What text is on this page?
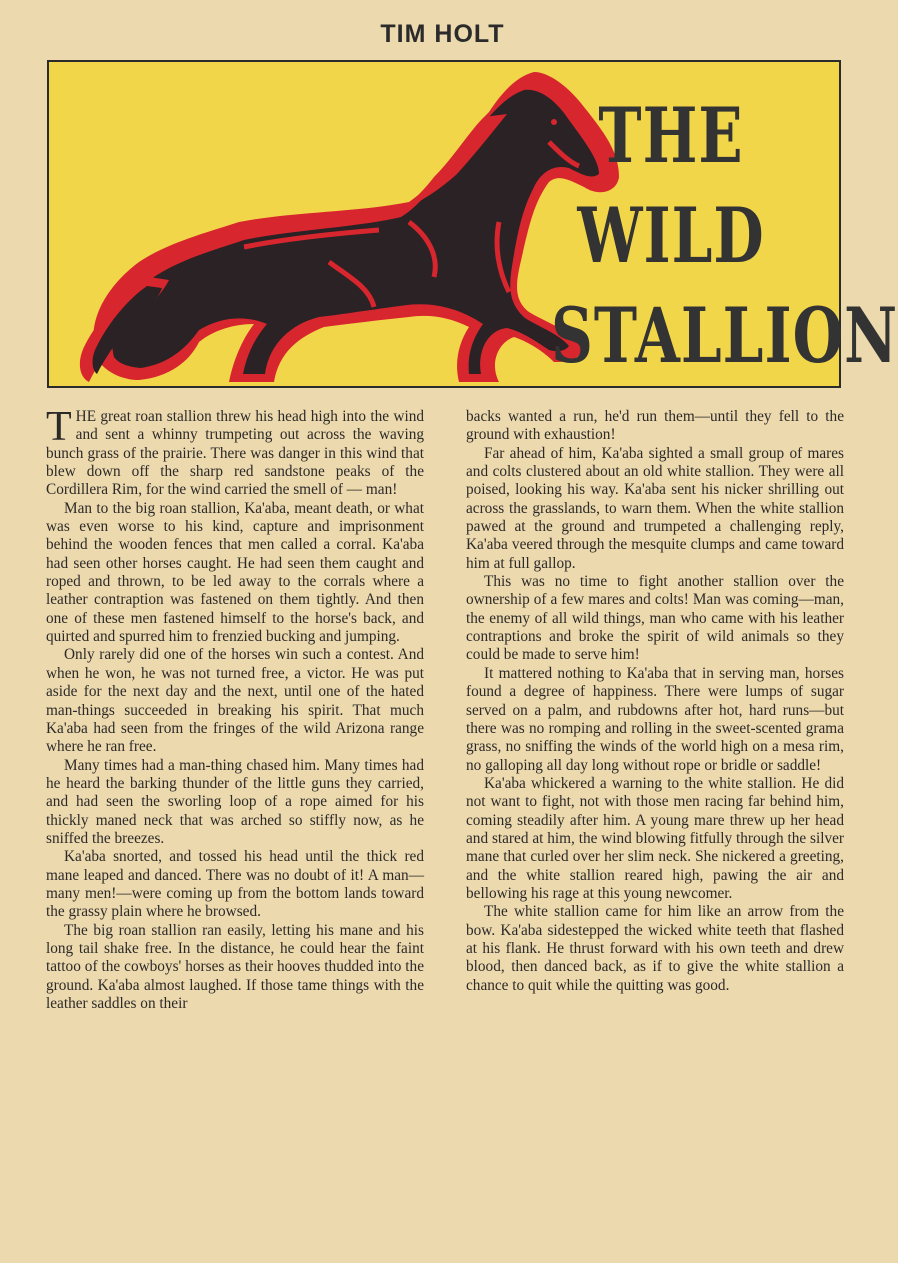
TIM HOLT
THE
WILD
STALLION

THE great roan stallion threw his head high into the wind and sent a whinny trumpeting out across the waving bunch grass of the prairie. There was danger in this wind that blew down off the sharp red sandstone peaks of the Cordillera Rim, for the wind carried the smell of — man!

Man to the big roan stallion, Ka'aba, meant death, or what was even worse to his kind, capture and imprisonment behind the wooden fences that men called a corral. Ka'aba had seen other horses caught. He had seen them caught and roped and thrown, to be led away to the corrals where a leather contraption was fastened on them tightly. And then one of these men fastened himself to the horse's back, and quirted and spurred him to frenzied bucking and jumping.

Only rarely did one of the horses win such a contest. And when he won, he was not turned free, a victor. He was put aside for the next day and the next, until one of the hated man-things succeeded in breaking his spirit. That much Ka'aba had seen from the fringes of the wild Arizona range where he ran free.

Many times had a man-thing chased him. Many times had he heard the barking thunder of the little guns they carried, and had seen the sworling loop of a rope aimed for his thickly maned neck that was arched so stiffly now, as he sniffed the breezes.

Ka'aba snorted, and tossed his head until the thick red mane leaped and danced. There was no doubt of it! A man—many men!—were coming up from the bottom lands toward the grassy plain where he browsed.

The big roan stallion ran easily, letting his mane and his long tail shake free. In the distance, he could hear the faint tattoo of the cowboys' horses as their hooves thudded into the ground. Ka'aba almost laughed. If those tame things with the leather saddles on their

backs wanted a run, he'd run them—until they fell to the ground with exhaustion!

Far ahead of him, Ka'aba sighted a small group of mares and colts clustered about an old white stallion. They were all poised, looking his way. Ka'aba sent his nicker shrilling out across the grasslands, to warn them. When the white stallion pawed at the ground and trumpeted a challenging reply, Ka'aba veered through the mesquite clumps and came toward him at full gallop.

This was no time to fight another stallion over the ownership of a few mares and colts! Man was coming—man, the enemy of all wild things, man who came with his leather contraptions and broke the spirit of wild animals so they could be made to serve him!

It mattered nothing to Ka'aba that in serving man, horses found a degree of happiness. There were lumps of sugar served on a palm, and rubdowns after hot, hard runs—but there was no romping and rolling in the sweet-scented grama grass, no sniffing the winds of the world high on a mesa rim, no galloping all day long without rope or bridle or saddle!

Ka'aba whickered a warning to the white stallion. He did not want to fight, not with those men racing far behind him, coming steadily after him. A young mare threw up her head and stared at him, the wind blowing fitfully through the silver mane that curled over her slim neck. She nickered a greeting, and the white stallion reared high, pawing the air and bellowing his rage at this young newcomer.

The white stallion came for him like an arrow from the bow. Ka'aba sidestepped the wicked white teeth that flashed at his flank. He thrust forward with his own teeth and drew blood, then danced back, as if to give the white stallion a chance to quit while the quitting was good.
